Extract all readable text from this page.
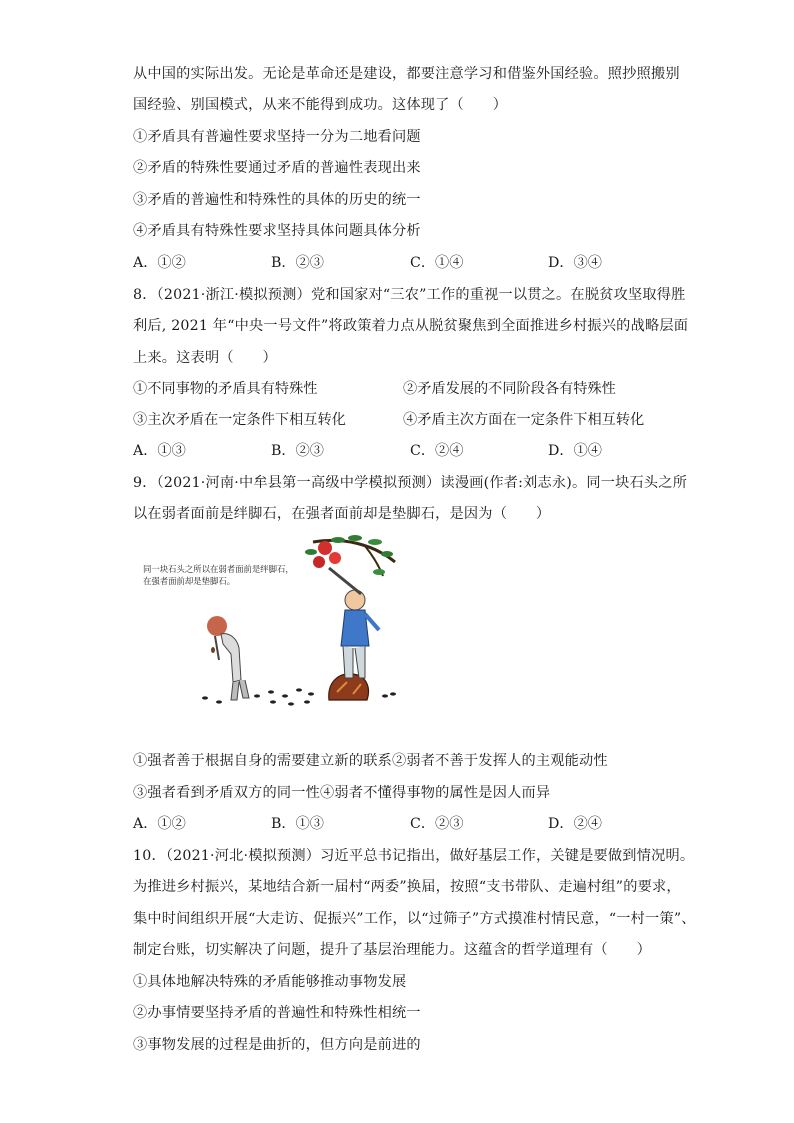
从中国的实际出发。无论是革命还是建设，都要注意学习和借鉴外国经验。照抄照搬别
国经验、别国模式，从来不能得到成功。这体现了（　　）
①矛盾具有普遍性要求坚持一分为二地看问题
②矛盾的特殊性要通过矛盾的普遍性表现出来
③矛盾的普遍性和特殊性的具体的历史的统一
④矛盾具有特殊性要求坚持具体问题具体分析
A．①②	B．②③	C．①④	D．③④
8．（2021·浙江·模拟预测）党和国家对“三农”工作的重视一以贯之。在脱贫攻坚取得胜
利后, 2021 年“中央一号文件”将政策着力点从脱贫聚焦到全面推进乡村振兴的战略层面
上来。这表明（　　）
①不同事物的矛盾具有特殊性	②矛盾发展的不同阶段各有特殊性
③主次矛盾在一定条件下相互转化	④矛盾主次方面在一定条件下相互转化
A．①③	B．②③	C．②④	D．①④
9．（2021·河南·中牟县第一高级中学模拟预测）读漫画(作者:刘志永)。同一块石头之所
以在弱者面前是绊脚石，在强者面前却是垫脚石，是因为（　　）
同一块石头之所以在弱者面前是绊脚石，
在强者面前却是垫脚石。
①强者善于根据自身的需要建立新的联系②弱者不善于发挥人的主观能动性
③强者看到矛盾双方的同一性④弱者不懂得事物的属性是因人而异
A．①②	B．①③	C．②③	D．②④
10．（2021·河北·模拟预测）习近平总书记指出，做好基层工作，关键是要做到情况明。
为推进乡村振兴，某地结合新一届村“两委”换届，按照“支书带队、走遍村组”的要求，
集中时间组织开展“大走访、促振兴”工作，以“过筛子”方式摸准村情民意，“一村一策”、
制定台账，切实解决了问题，提升了基层治理能力。这蕴含的哲学道理有（　　）
①具体地解决特殊的矛盾能够推动事物发展
②办事情要坚持矛盾的普遍性和特殊性相统一
③事物发展的过程是曲折的，但方向是前进的
